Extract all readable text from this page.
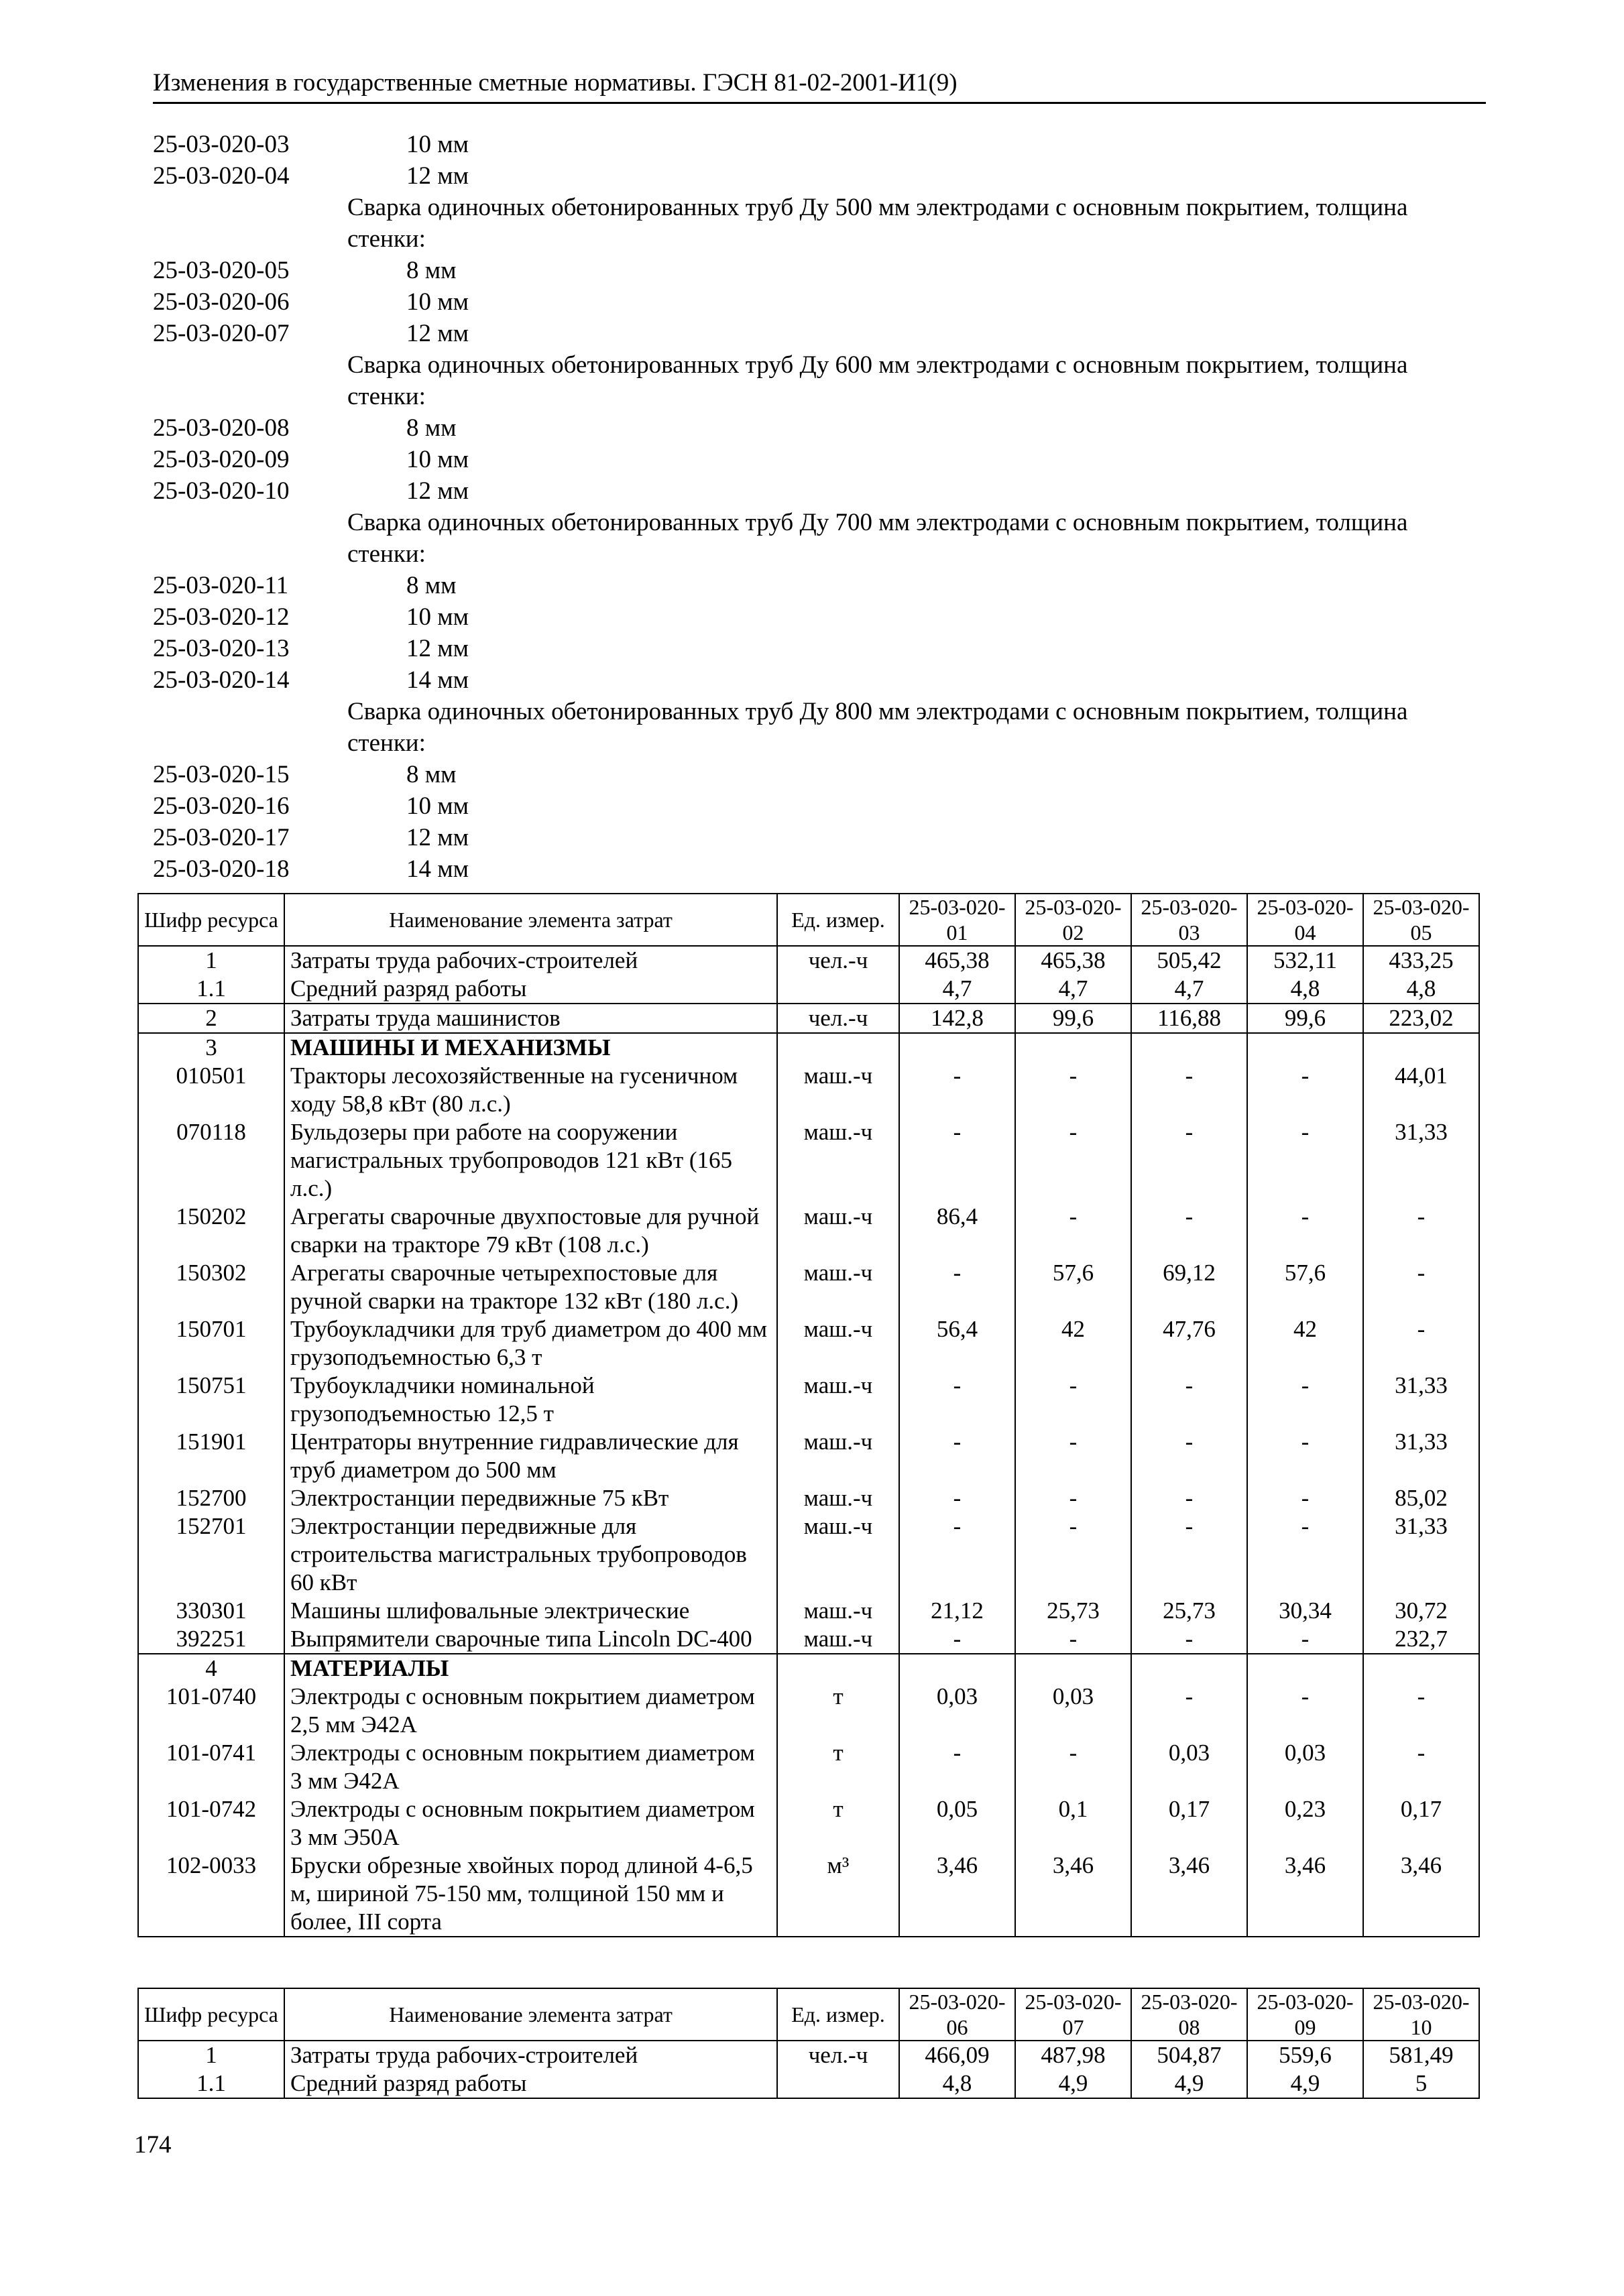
Изменения в государственные сметные нормативы. ГЭСН 81-02-2001-И1(9)
25-03-020-03	10 мм
25-03-020-04	12 мм
Сварка одиночных обетонированных труб Ду 500 мм электродами с основным покрытием, толщина стенки:
25-03-020-05	8 мм
25-03-020-06	10 мм
25-03-020-07	12 мм
Сварка одиночных обетонированных труб Ду 600 мм электродами с основным покрытием, толщина стенки:
25-03-020-08	8 мм
25-03-020-09	10 мм
25-03-020-10	12 мм
Сварка одиночных обетонированных труб Ду 700 мм электродами с основным покрытием, толщина стенки:
25-03-020-11	8 мм
25-03-020-12	10 мм
25-03-020-13	12 мм
25-03-020-14	14 мм
Сварка одиночных обетонированных труб Ду 800 мм электродами с основным покрытием, толщина стенки:
25-03-020-15	8 мм
25-03-020-16	10 мм
25-03-020-17	12 мм
25-03-020-18	14 мм
Шифр ресурса	Наименование элемента затрат	Ед. измер.	25-03-020-01	25-03-020-02	25-03-020-03	25-03-020-04	25-03-020-05
1	Затраты труда рабочих-строителей	чел.-ч	465,38	465,38	505,42	532,11	433,25
1.1	Средний разряд работы		4,7	4,7	4,7	4,8	4,8
2	Затраты труда машинистов	чел.-ч	142,8	99,6	116,88	99,6	223,02
3	МАШИНЫ И МЕХАНИЗМЫ						
010501	Тракторы лесохозяйственные на гусеничном ходу 58,8 кВт (80 л.с.)	маш.-ч	-	-	-	-	44,01
070118	Бульдозеры при работе на сооружении магистральных трубопроводов 121 кВт (165 л.с.)	маш.-ч	-	-	-	-	31,33
150202	Агрегаты сварочные двухпостовые для ручной сварки на тракторе 79 кВт (108 л.с.)	маш.-ч	86,4	-	-	-	-
150302	Агрегаты сварочные четырехпостовые для ручной сварки на тракторе 132 кВт (180 л.с.)	маш.-ч	-	57,6	69,12	57,6	-
150701	Трубоукладчики для труб диаметром до 400 мм грузоподъемностью 6,3 т	маш.-ч	56,4	42	47,76	42	-
150751	Трубоукладчики номинальной грузоподъемностью 12,5 т	маш.-ч	-	-	-	-	31,33
151901	Центраторы внутренние гидравлические для труб диаметром до 500 мм	маш.-ч	-	-	-	-	31,33
152700	Электростанции передвижные 75 кВт	маш.-ч	-	-	-	-	85,02
152701	Электростанции передвижные для строительства магистральных трубопроводов 60 кВт	маш.-ч	-	-	-	-	31,33
330301	Машины шлифовальные электрические	маш.-ч	21,12	25,73	25,73	30,34	30,72
392251	Выпрямители сварочные типа Lincoln DC-400	маш.-ч	-	-	-	-	232,7
4	МАТЕРИАЛЫ						
101-0740	Электроды с основным покрытием диаметром 2,5 мм Э42А	т	0,03	0,03	-	-	-
101-0741	Электроды с основным покрытием диаметром 3 мм Э42А	т	-	-	0,03	0,03	-
101-0742	Электроды с основным покрытием диаметром 3 мм Э50А	т	0,05	0,1	0,17	0,23	0,17
102-0033	Бруски обрезные хвойных пород длиной 4-6,5 м, шириной 75-150 мм, толщиной 150 мм и более, III сорта	м³	3,46	3,46	3,46	3,46	3,46
Шифр ресурса	Наименование элемента затрат	Ед. измер.	25-03-020-06	25-03-020-07	25-03-020-08	25-03-020-09	25-03-020-10
1	Затраты труда рабочих-строителей	чел.-ч	466,09	487,98	504,87	559,6	581,49
1.1	Средний разряд работы		4,8	4,9	4,9	4,9	5
174
